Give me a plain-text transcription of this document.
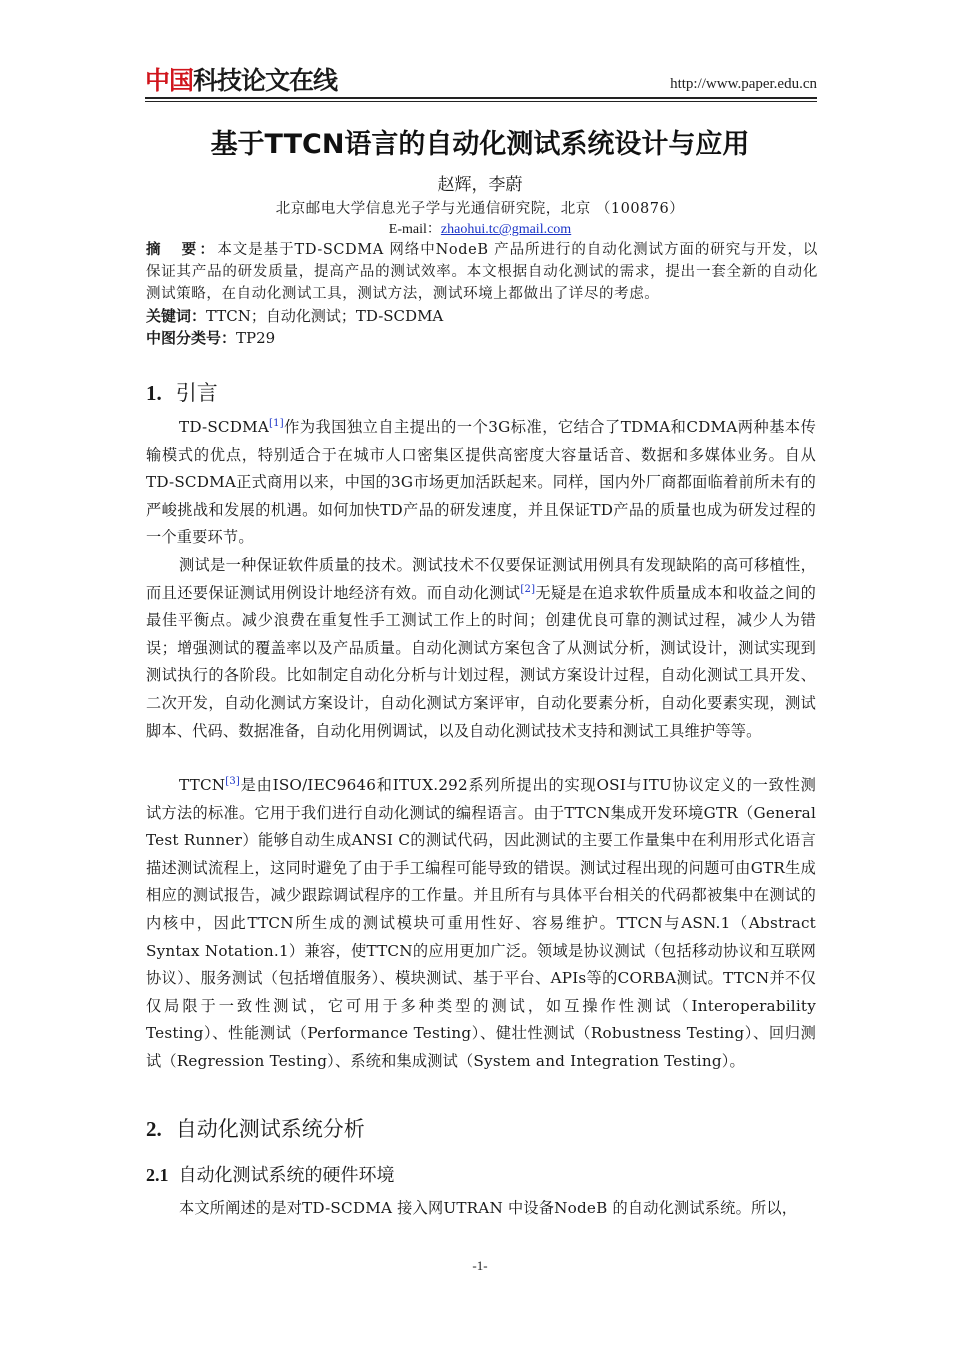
中国科技论文在线	http://www.paper.edu.cn
基于TTCN语言的自动化测试系统设计与应用
赵辉，李蔚
北京邮电大学信息光子学与光通信研究院，北京 （100876）
E-mail：zhaohui.tc@gmail.com
摘　要：本文是基于TD-SCDMA 网络中NodeB 产品所进行的自动化测试方面的研究与开发，以保证其产品的研发质量，提高产品的测试效率。本文根据自动化测试的需求，提出一套全新的自动化测试策略，在自动化测试工具，测试方法，测试环境上都做出了详尽的考虑。
关键词：TTCN；自动化测试；TD-SCDMA
中图分类号：TP29
1. 引言
TD-SCDMA[1]作为我国独立自主提出的一个3G标准，它结合了TDMA和CDMA两种基本传输模式的优点，特别适合于在城市人口密集区提供高密度大容量话音、数据和多媒体业务。自从TD-SCDMA正式商用以来，中国的3G市场更加活跃起来。同样，国内外厂商都面临着前所未有的严峻挑战和发展的机遇。如何加快TD产品的研发速度，并且保证TD产品的质量也成为研发过程的一个重要环节。
测试是一种保证软件质量的技术。测试技术不仅要保证测试用例具有发现缺陷的高可移植性，而且还要保证测试用例设计地经济有效。而自动化测试[2]无疑是在追求软件质量成本和收益之间的最佳平衡点。减少浪费在重复性手工测试工作上的时间；创建优良可靠的测试过程，减少人为错误；增强测试的覆盖率以及产品质量。自动化测试方案包含了从测试分析，测试设计，测试实现到测试执行的各阶段。比如制定自动化分析与计划过程，测试方案设计过程，自动化测试工具开发、二次开发，自动化测试方案设计，自动化测试方案评审，自动化要素分析，自动化要素实现，测试脚本、代码、数据准备，自动化用例调试，以及自动化测试技术支持和测试工具维护等等。
TTCN[3]是由ISO/IEC9646和ITUX.292系列所提出的实现OSI与ITU协议定义的一致性测试方法的标准。它用于我们进行自动化测试的编程语言。由于TTCN集成开发环境GTR（General Test Runner）能够自动生成ANSI C的测试代码，因此测试的主要工作量集中在利用形式化语言描述测试流程上，这同时避免了由于手工编程可能导致的错误。测试过程出现的问题可由GTR生成相应的测试报告，减少跟踪调试程序的工作量。并且所有与具体平台相关的代码都被集中在测试的内核中，因此TTCN所生成的测试模块可重用性好、容易维护。TTCN与ASN.1（Abstract Syntax Notation.1）兼容，使TTCN的应用更加广泛。领域是协议测试（包括移动协议和互联网协议）、服务测试（包括增值服务）、模块测试、基于平台、APIs等的CORBA测试。TTCN并不仅仅局限于一致性测试，它可用于多种类型的测试，如互操作性测试（Interoperability Testing）、性能测试（Performance Testing）、健壮性测试（Robustness Testing）、回归测试（Regression Testing）、系统和集成测试（System and Integration Testing）。
2. 自动化测试系统分析
2.1 自动化测试系统的硬件环境
本文所阐述的是对TD-SCDMA 接入网UTRAN 中设备NodeB 的自动化测试系统。所以，
-1-
